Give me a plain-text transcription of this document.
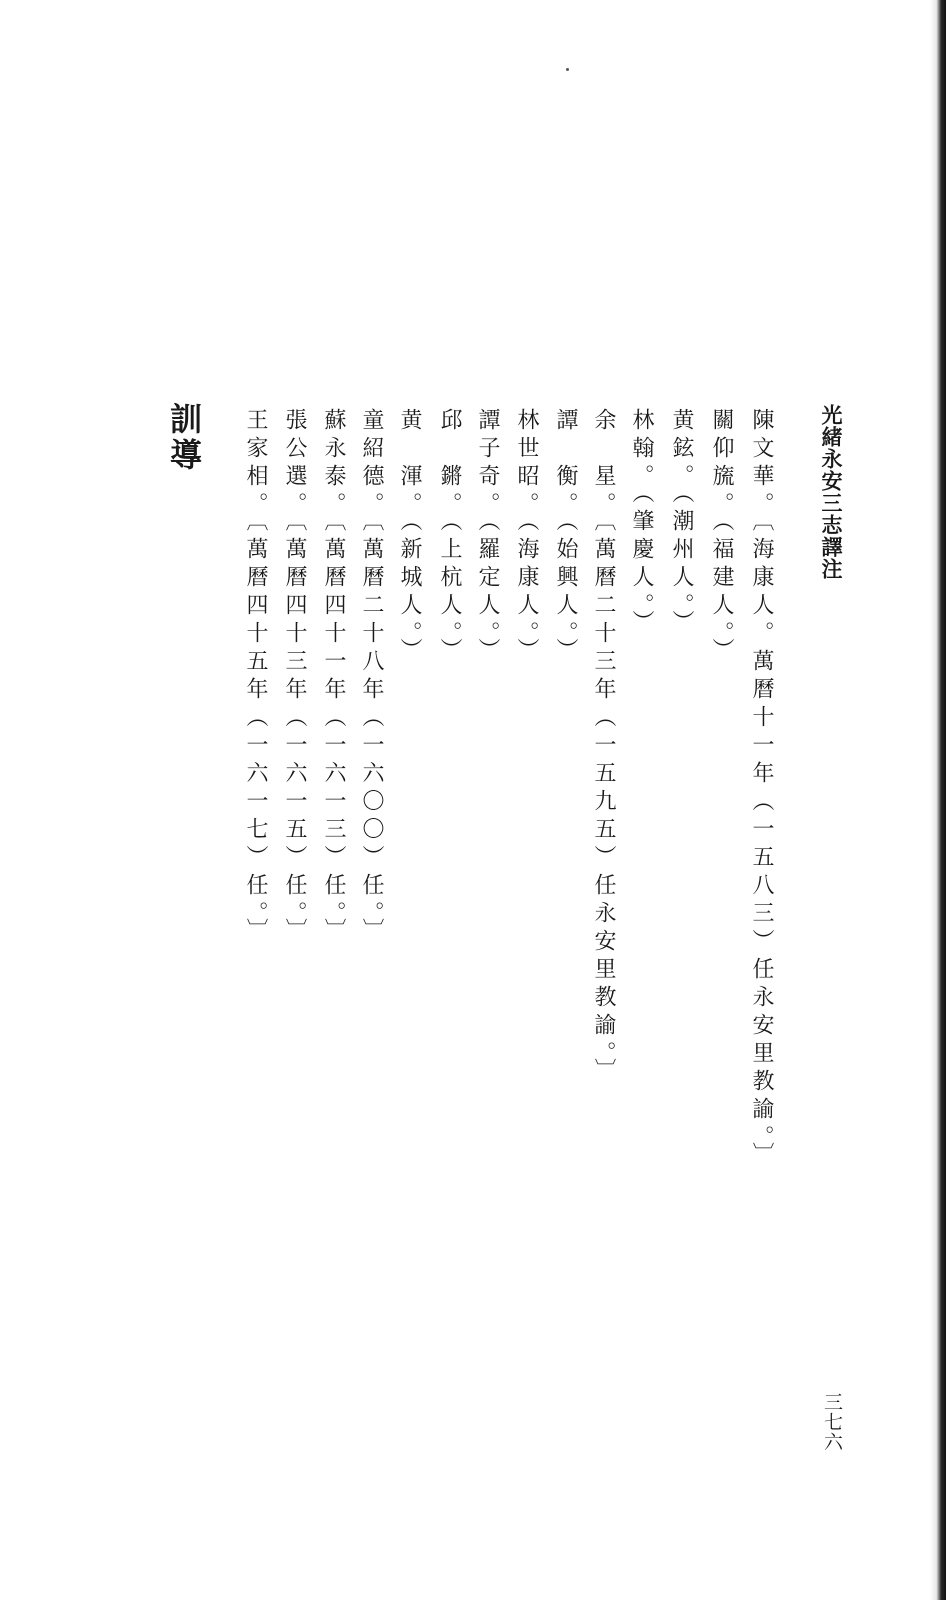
光緒永安三志譯注
陳文華。〔海康人。萬曆十一年（一五八三）任永安里教諭。〕
關仰旒。（福建人。）
黄鉉。（潮州人。）
林翰。（肇慶人。）
余　星。〔萬曆二十三年（一五九五）任永安里教諭。〕
譚　衡。（始興人。）
林世昭。（海康人。）
譚子奇。（羅定人。）
邱　鏘。（上杭人。）
黄　渾。（新城人。）
童紹德。〔萬曆二十八年（一六〇〇）任。〕
蘇永泰。〔萬曆四十一年（一六一三）任。〕
張公選。〔萬曆四十三年（一六一五）任。〕
王家相。〔萬曆四十五年（一六一七）任。〕
訓導
三七六
